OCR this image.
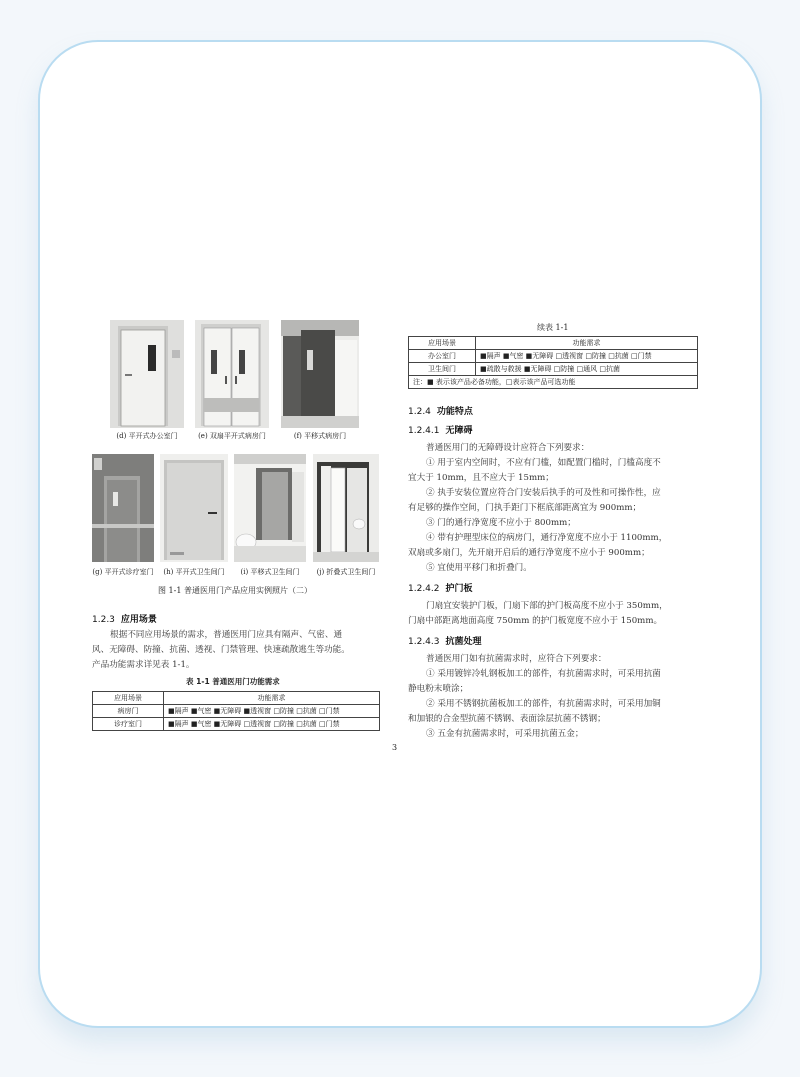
(d) 平开式办公室门	(e) 双扇平开式病房门	(f) 平移式病房门
(g) 平开式诊疗室门	(h) 平开式卫生间门	(i) 平移式卫生间门	(j) 折叠式卫生间门
图 1-1 普通医用门产品应用实例照片（二）
1.2.3 应用场景
根据不同应用场景的需求，普通医用门应具有隔声、气密、通
风、无障碍、防撞、抗菌、透视、门禁管理、快速疏散逃生等功能。
产品功能需求详见表 1-1。
表 1-1 普通医用门功能需求
应用场景	功能需求
病房门	■隔声 ■气密 ■无障碍 ■透视窗 □防撞 □抗菌 □门禁
诊疗室门	■隔声 ■气密 ■无障碍 □透视窗 □防撞 □抗菌 □门禁
续表 1-1
应用场景	功能需求
办公室门	■隔声 ■气密 ■无障碍 □透视窗 □防撞 □抗菌 □门禁
卫生间门	■疏散与救援 ■无障碍 □防撞 □通风 □抗菌
注：■ 表示该产品必备功能，□表示该产品可选功能	
1.2.4 功能特点
1.2.4.1 无障碍
普通医用门的无障碍设计应符合下列要求：
① 用于室内空间时，不应有门槛，如配置门槛时，门槛高度不
宜大于 10mm，且不应大于 15mm；
② 执手安装位置应符合门安装后执手的可及性和可操作性，应
有足够的操作空间，门执手距门下框底部距离宜为 900mm；
③ 门的通行净宽度不应小于 800mm；
④ 带有护理型床位的病房门，通行净宽度不应小于 1100mm，
双扇或多扇门，先开扇开启后的通行净宽度不应小于 900mm；
⑤ 宜使用平移门和折叠门。
1.2.4.2 护门板
门扇宜安装护门板，门扇下部的护门板高度不应小于 350mm，
门扇中部距离地面高度 750mm 的护门板宽度不应小于 150mm。
1.2.4.3 抗菌处理
普通医用门如有抗菌需求时，应符合下列要求：
① 采用镀锌冷轧钢板加工的部件，有抗菌需求时，可采用抗菌
静电粉末喷涂；
② 采用不锈钢抗菌板加工的部件，有抗菌需求时，可采用加铜
和加银的合金型抗菌不锈钢、表面涂层抗菌不锈钢；
③ 五金有抗菌需求时，可采用抗菌五金；
3
